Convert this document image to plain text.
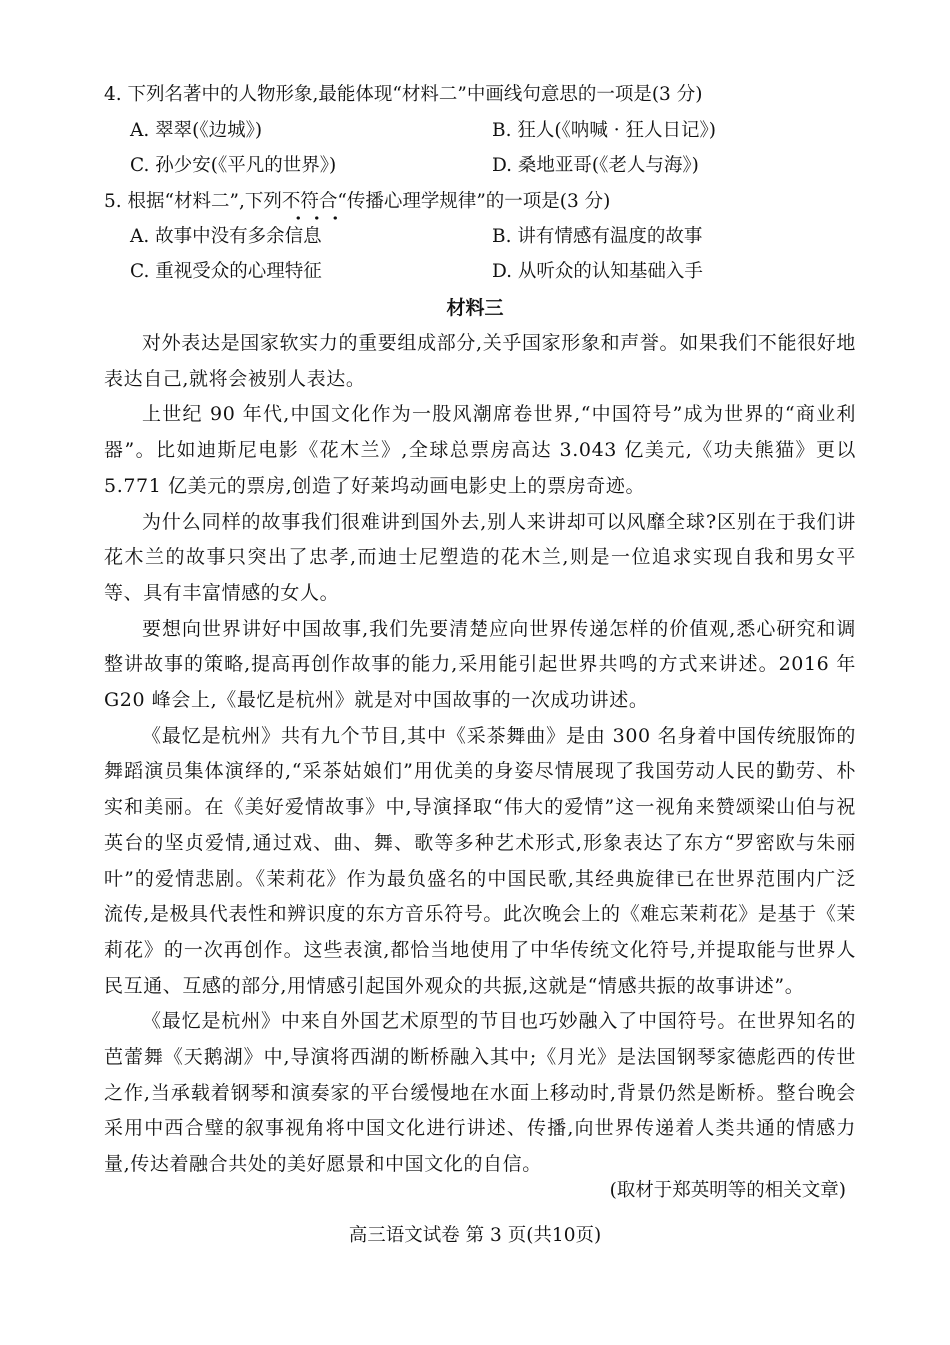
4. 下列名著中的人物形象,最能体现“材料二”中画线句意思的一项是(3 分)
A. 翠翠(《边城》)	B. 狂人(《呐喊 · 狂人日记》)
C. 孙少安(《平凡的世界》)	D. 桑地亚哥(《老人与海》)
5. 根据“材料二”,下列不符合“传播心理学规律”的一项是(3 分)
A. 故事中没有多余信息	B. 讲有情感有温度的故事
C. 重视受众的心理特征	D. 从听众的认知基础入手
材料三

对外表达是国家软实力的重要组成部分,关乎国家形象和声誉。如果我们不能很好地表达自己,就将会被别人表达。

上世纪 90 年代,中国文化作为一股风潮席卷世界,“中国符号”成为世界的“商业利器”。比如迪斯尼电影《花木兰》,全球总票房高达 3.043 亿美元,《功夫熊猫》更以 5.771 亿美元的票房,创造了好莱坞动画电影史上的票房奇迹。

为什么同样的故事我们很难讲到国外去,别人来讲却可以风靡全球?区别在于我们讲花木兰的故事只突出了忠孝,而迪士尼塑造的花木兰,则是一位追求实现自我和男女平等、具有丰富情感的女人。

要想向世界讲好中国故事,我们先要清楚应向世界传递怎样的价值观,悉心研究和调整讲故事的策略,提高再创作故事的能力,采用能引起世界共鸣的方式来讲述。2016 年 G20 峰会上,《最忆是杭州》就是对中国故事的一次成功讲述。

《最忆是杭州》共有九个节目,其中《采茶舞曲》是由 300 名身着中国传统服饰的舞蹈演员集体演绎的,“采茶姑娘们”用优美的身姿尽情展现了我国劳动人民的勤劳、朴实和美丽。在《美好爱情故事》中,导演择取“伟大的爱情”这一视角来赞颂梁山伯与祝英台的坚贞爱情,通过戏、曲、舞、歌等多种艺术形式,形象表达了东方“罗密欧与朱丽叶”的爱情悲剧。《茉莉花》作为最负盛名的中国民歌,其经典旋律已在世界范围内广泛流传,是极具代表性和辨识度的东方音乐符号。此次晚会上的《难忘茉莉花》是基于《茉莉花》的一次再创作。这些表演,都恰当地使用了中华传统文化符号,并提取能与世界人民互通、互感的部分,用情感引起国外观众的共振,这就是“情感共振的故事讲述”。

《最忆是杭州》中来自外国艺术原型的节目也巧妙融入了中国符号。在世界知名的芭蕾舞《天鹅湖》中,导演将西湖的断桥融入其中;《月光》是法国钢琴家德彪西的传世之作,当承载着钢琴和演奏家的平台缓慢地在水面上移动时,背景仍然是断桥。整台晚会采用中西合璧的叙事视角将中国文化进行讲述、传播,向世界传递着人类共通的情感力量,传达着融合共处的美好愿景和中国文化的自信。

(取材于郑英明等的相关文章)
高三语文试卷 第 3 页(共10页)
